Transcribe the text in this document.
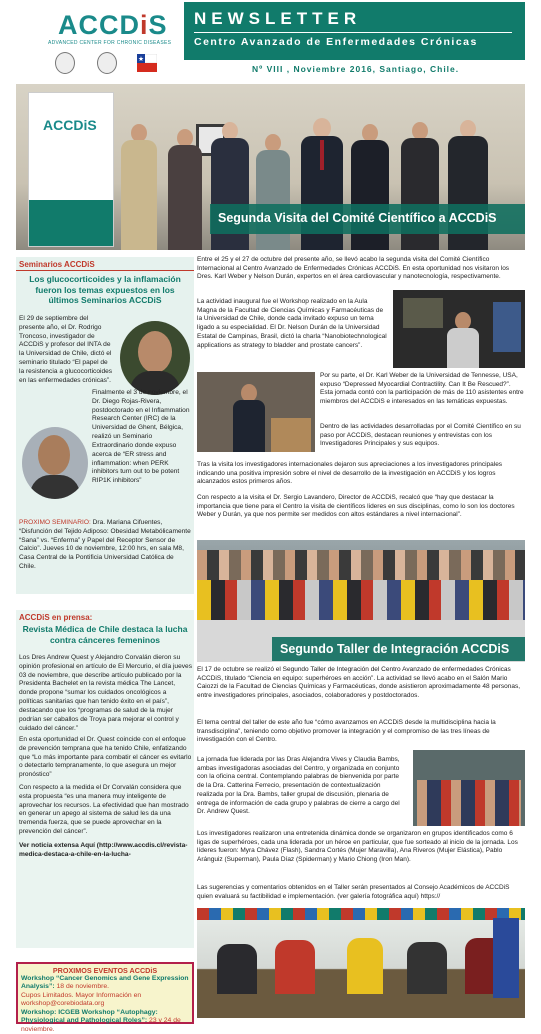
ACCDiS
ADVANCED CENTER FOR CHRONIC DISEASES
NEWSLETTER
Centro Avanzado de Enfermedades Crónicas
Nº VIII , Noviembre 2016, Santiago, Chile.
ACCDiS
Segunda Visita del Comité Científico a ACCDiS
Seminarios ACCDiS
Los glucocorticoides y la inflamación fueron los temas expuestos en los últimos Seminarios ACCDiS
El 29 de septiembre del presente año, el Dr. Rodrigo Troncoso, investigador de ACCDiS y profesor del INTA de la Universidad de Chile, dictó el seminario titulado “El papel de la resistencia a glucocorticoides en las enfermedades crónicas”.
Finalmente el 3 de noviembre, el Dr. Diego Rojas-Rivera, postdoctorado en el Inflammation Research Center (IRC) de la Universidad de Ghent, Bélgica, realizó un Seminario Extraordinario donde expuso acerca de “ER stress and inflammation: when PERK inhibitors turn out to be potent RIP1K inhibitors”
PROXIMO SEMINARIO: Dra. Mariana Cifuentes, “Disfunción del Tejido Adiposo: Obesidad Metabólicamente “Sana” vs. “Enferma” y Papel del Receptor Sensor de Calcio”. Jueves 10 de noviembre, 12:00 hrs, en sala M8, Casa Central de la Pontificia Universidad Católica de Chile.
ACCDiS en prensa:
Revista Médica de Chile destaca la lucha contra cánceres femeninos
Los Dres Andrew Quest y Alejandro Corvalán dieron su opinión profesional en artículo de El Mercurio, el día jueves 03 de noviembre, que describe artículo publicado por la Presidenta Bachelet en la revista médica The Lancet, donde propone “sumar los cuidados oncológicos a políticas sanitarias que han tenido éxito en el país”, destacando que los “programas de salud de la mujer podrían ser caballos de Troya para mejorar el control y cuidado del cáncer.”
En esta oportunidad el Dr. Quest coincide con el enfoque de prevención temprana que ha tenido Chile, enfatizando que “Lo más importante para combatir el cáncer es evitarlo o detectarlo tempranamente, lo que asegura un mejor pronóstico”
Con respecto a la medida el Dr Corvalán considera que esta propuesta “es una manera muy inteligente de aprovechar los recursos. La efectividad que han mostrado en generar un apego al sistema de salud les da una tremenda fuerza, que se puede aprovechar en la prevención del cáncer”.
Ver noticia extensa Aquí (http://www.accdis.cl/revista-medica-destaca-a-chile-en-la-lucha-
PROXIMOS EVENTOS ACCDiS
Workshop “Cancer Genomics and Gene Expression Analysis”: 18 de noviembre.
Cupos Limitados. Mayor Información en workshop@corebiodata.org
Workshop: ICGEB Workshop “Autophagy: Physiological and Pathological Roles”: 23 y 24 de noviembre.
Entre el 25 y el 27 de octubre del presente año, se llevó acabo la segunda visita del Comité Científico Internacional al Centro Avanzado de Enfermedades Crónicas ACCDiS. En esta oportunidad nos visitaron los Dres. Karl Weber y Nelson Durán, expertos en el área cardiovascular y nanotecnología, respectivamente.
La actividad inaugural fue el Workshop realizado en la Aula Magna de la Facultad de Ciencias Químicas y Farmacéuticas de la Universidad de Chile, donde cada invitado expuso un tema ligado a su especialidad. El Dr. Nelson Durán de la Universidad Estatal de Campinas, Brasil, dictó la charla “Nanobiotechnological applications as strategy to bladder and prostate cancers”.
Por su parte, el Dr. Karl Weber de la Universidad de Tennesse, USA, expuso “Depressed Myocardial Contractility. Can It Be Rescued?”. Esta jornada contó con la participación de más de 110 asistentes entre miembros del ACCDiS e interesados en las temáticas expuestas.
Dentro de las actividades desarrolladas por el Comité Científico en su paso por ACCDiS, destacan reuniones y entrevistas con los Investigadores Principales y sus equipos.
Tras la visita los investigadores internacionales dejaron sus apreciaciones a los investigadores principales indicando una positiva impresión sobre el nivel de desarrollo de la investigación en ACCDiS y los logros alcanzados estos primeros años.
Con respecto a la visita el Dr. Sergio Lavandero, Director de ACCDiS, recalcó que “hay que destacar la importancia que tiene para el Centro la visita de científicos lideres en sus disciplinas, como lo son los doctores Weber y Durán, ya que nos permite ser medidos con altos estándares a nivel internacional”.
Segundo Taller de Integración ACCDiS
El 17 de octubre se realizó el Segundo Taller de Integración del Centro Avanzado de enfermedades Crónicas ACCDiS, titulado “Ciencia en equipo: superhéroes en acción”. La actividad se llevó acabo en el Salón Mario Caiozzi de la Facultad de Ciencias Químicas y Farmacéuticas, donde asistieron aproximadamente 48 personas, entre investigadores principales, asociados, colaboradores y postdoctorados.
El tema central del taller de este año fue “cómo avanzamos en ACCDiS desde la multidisciplina hacia la transdisciplina”, teniendo como objetivo promover la integración y el compromiso de las tres líneas de investigación con el Centro.
La jornada fue liderada por las Dras Alejandra Vives y Claudia Bambs, ambas investigadoras asociadas del Centro, y organizada en conjunto con la oficina central. Contemplando palabras de bienvenida por parte de la Dra. Catterina Ferrecio, presentación de contextualización realizada por la Dra. Bambs, taller grupal de discusión, plenaria de entrega de información de cada grupo y palabras de cierre a cargo del Dr. Andrew Quest.
Los investigadores realizaron una entretenida dinámica donde se organizaron en grupos identificados como 6 ligas de superhéroes, cada una liderada por un héroe en particular, que fue sorteado al inicio de la jornada. Los líderes fueron: Myra Chávez (Flash), Sandra Cortés (Mujer Maravilla), Ana Riveros (Mujer Elástica), Pablo Aránguiz (Superman), Paula Díaz (Spiderman) y Mario Chiong (Iron Man).
Las sugerencias y comentarios obtenidos en el Taller serán presentados al Consejo Académicos de ACCDiS quien evaluará su factibilidad e implementación. (ver galería fotográfica aquí) https://
